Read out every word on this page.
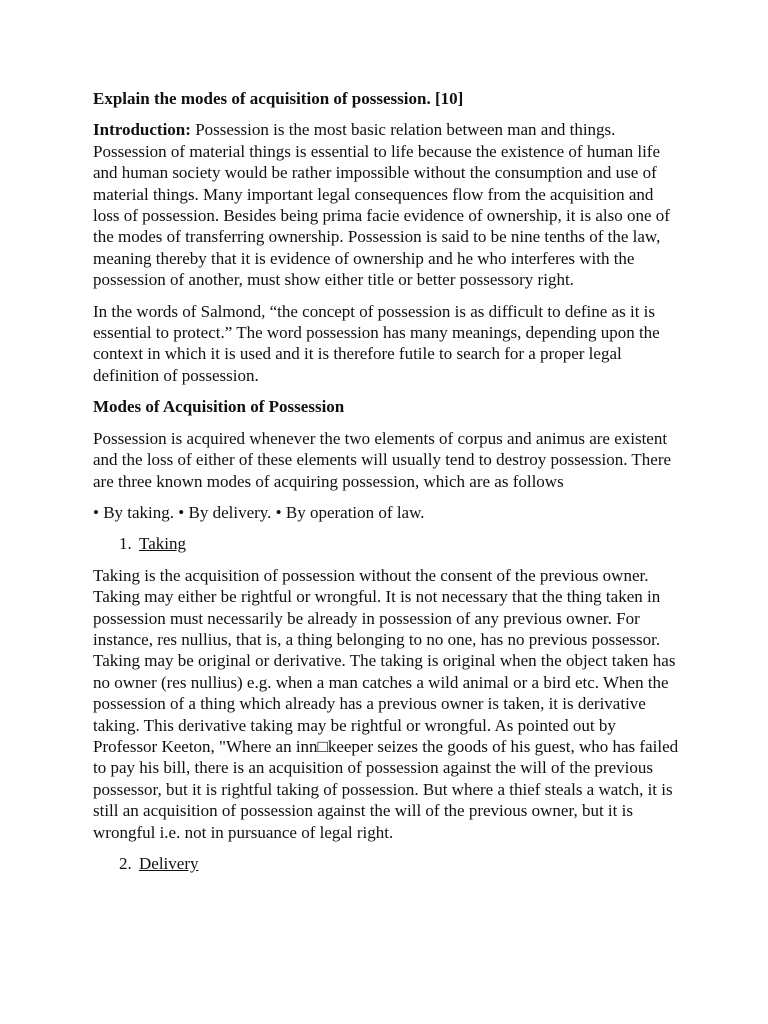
Explain the modes of acquisition of possession. [10]

Introduction: Possession is the most basic relation between man and things. Possession of material things is essential to life because the existence of human life and human society would be rather impossible without the consumption and use of material things. Many important legal consequences flow from the acquisition and loss of possession. Besides being prima facie evidence of ownership, it is also one of the modes of transferring ownership. Possession is said to be nine tenths of the law, meaning thereby that it is evidence of ownership and he who interferes with the possession of another, must show either title or better possessory right.

In the words of Salmond, “the concept of possession is as difficult to define as it is essential to protect.” The word possession has many meanings, depending upon the context in which it is used and it is therefore futile to search for a proper legal definition of possession.

Modes of Acquisition of Possession

Possession is acquired whenever the two elements of corpus and animus are existent and the loss of either of these elements will usually tend to destroy possession. There are three known modes of acquiring possession, which are as follows

• By taking. • By delivery. • By operation of law.

1. Taking

Taking is the acquisition of possession without the consent of the previous owner. Taking may either be rightful or wrongful. It is not necessary that the thing taken in possession must necessarily be already in possession of any previous owner. For instance, res nullius, that is, a thing belonging to no one, has no previous possessor. Taking may be original or derivative. The taking is original when the object taken has no owner (res nullius) e.g. when a man catches a wild animal or a bird etc. When the possession of a thing which already has a previous owner is taken, it is derivative taking. This derivative taking may be rightful or wrongful. As pointed out by Professor Keeton, "Where an inn□keeper seizes the goods of his guest, who has failed to pay his bill, there is an acquisition of possession against the will of the previous possessor, but it is rightful taking of possession. But where a thief steals a watch, it is still an acquisition of possession against the will of the previous owner, but it is wrongful i.e. not in pursuance of legal right.

2. Delivery
